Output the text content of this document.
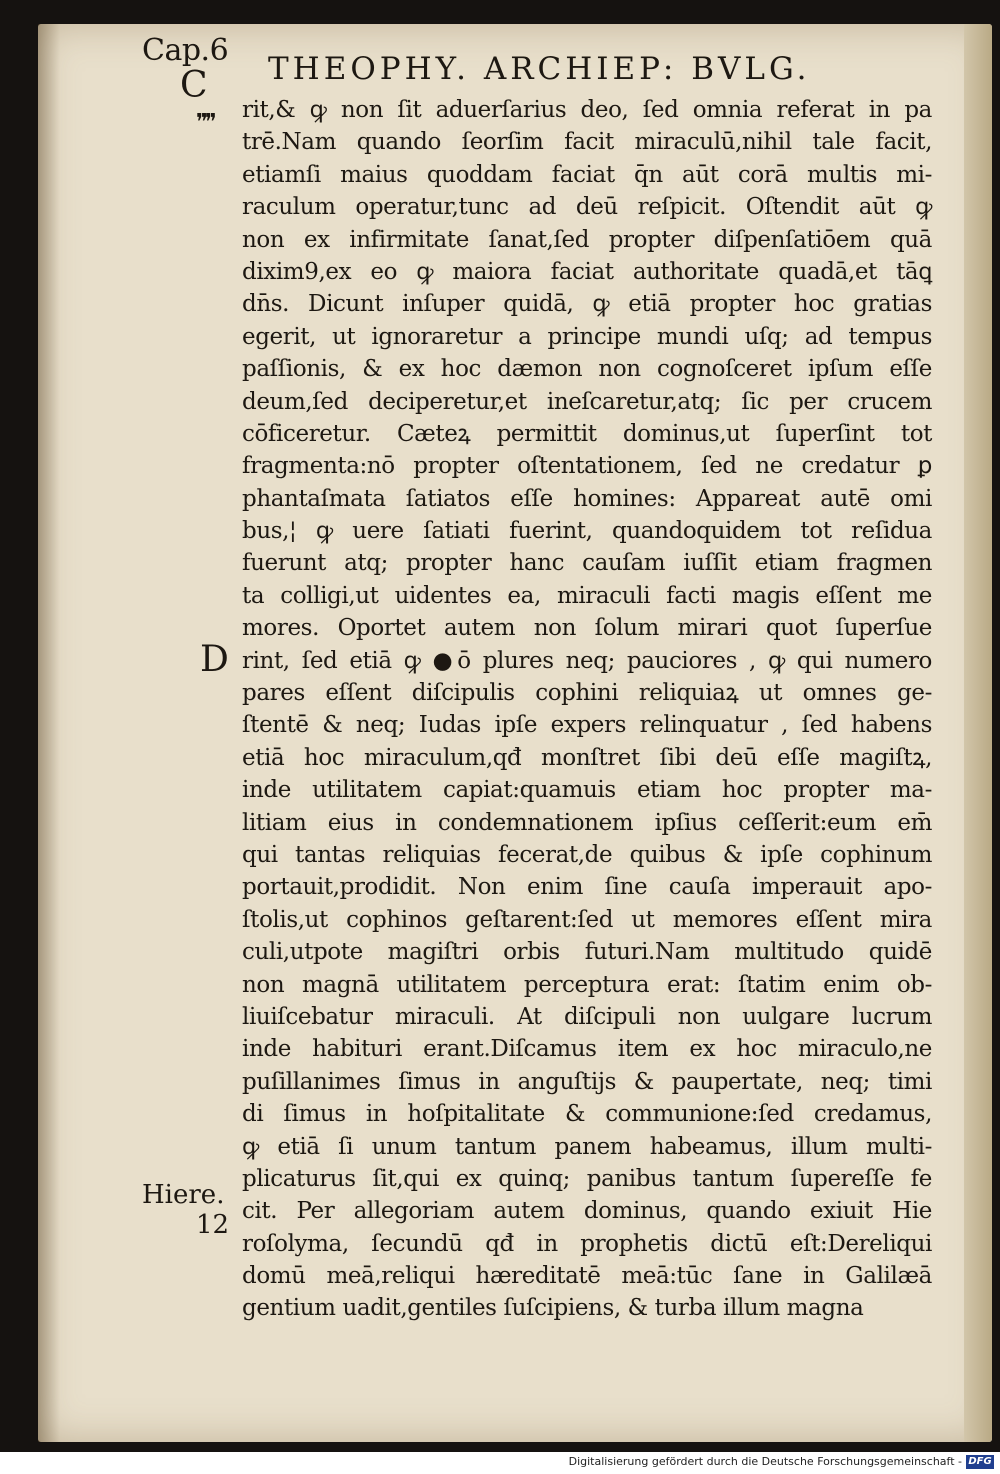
Cap.6
C THEOPHY. ARCHIEP: BVLG.
❞❞
D
Hiere.
12
rit,& ꝙ non ſit aduerſarius deo, ſed omnia referat in pa
trē.Nam quando ſeorſim facit miraculū,nihil tale facit,
etiamſi maius quoddam faciat q̄n aūt corā multis mi-
raculum operatur,tunc ad deū reſpicit. Oſtendit aūt ꝙ
non ex infirmitate ſanat,ſed propter diſpenſatiōem quā
dixim9,ex eo ꝙ maiora faciat authoritate quadā,et tāꝗ
dn̄s. Dicunt inſuper quidā, ꝙ etiā propter hoc gratias
egerit, ut ignoraretur a principe mundi uſq; ad tempus
paſſionis, & ex hoc dæmon non cognoſceret ipſum eſſe
deum,ſed deciperetur,et ineſcaretur,atq; ſic per crucem
cōficeretur. Cæteꝝ permittit dominus,ut ſuperſint tot
fragmenta:nō propter oſtentationem, ſed ne credatur ꝑ
phantaſmata ſatiatos eſſe homines: Appareat autē omi
bus,¦ ꝙ uere ſatiati fuerint, quandoquidem tot reſidua
fuerunt atq; propter hanc cauſam iuſſit etiam fragmen
ta colligi,ut uidentes ea, miraculi facti magis eſſent me
mores. Oportet autem non ſolum mirari quot ſuperſue
rint, ſed etiā ꝙ ●ō plures neq; pauciores , ꝙ qui numero
pares eſſent diſcipulis cophini reliquiaꝝ ut omnes ge-
ſtentē & neq; Iudas ipſe expers relinquatur , ſed habens
etiā hoc miraculum,qđ monſtret ſibi deū eſſe magiſtꝝ,
inde utilitatem capiat:quamuis etiam hoc propter ma-
litiam eius in condemnationem ipſius ceſſerit:eum em̄
qui tantas reliquias fecerat,de quibus & ipſe cophinum
portauit,prodidit. Non enim ſine cauſa imperauit apo-
ſtolis,ut cophinos geſtarent:ſed ut memores eſſent mira
culi,utpote magiſtri orbis futuri.Nam multitudo quidē
non magnā utilitatem perceptura erat: ſtatim enim ob-
liuiſcebatur miraculi. At diſcipuli non uulgare lucrum
inde habituri erant.Diſcamus item ex hoc miraculo,ne
puſillanimes ſimus in anguſtijs & paupertate, neq; timi
di ſimus in hoſpitalitate & communione:ſed credamus,
ꝙ etiā ſi unum tantum panem habeamus, illum multi-
plicaturus ſit,qui ex quinq; panibus tantum ſupereſſe fe
cit. Per allegoriam autem dominus, quando exiuit Hie
roſolyma, ſecundū qđ in prophetis dictū eſt:Dereliqui
domū meā,reliqui hæreditatē meā:tūc ſane in Galilæā
gentium uadit,gentiles ſuſcipiens, & turba illum magna
Digitalisierung gefördert durch die Deutsche Forschungsgemeinschaft - DFG
